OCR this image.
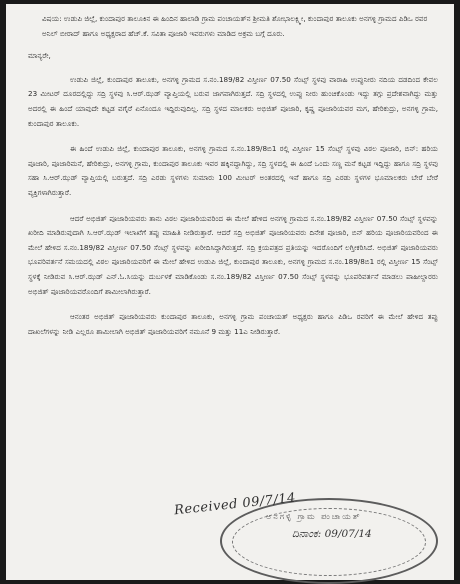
ವಿಷಯ: ಉಡುಪಿ ಜಿಲ್ಲೆ, ಕುಂದಾಪುರ ತಾಲೂಕಿನ ಈ ಹಿಂದಿನ ಹಾಲಾಡಿ ಗ್ರಾಮ ಪಂಚಾಯತ್‌ನ ಶ್ರೀಮತಿ ಶೋಭಾಲಕ್ಷ್ಮೀ, ಕುಂದಾಪುರ ತಾಲೂಕು ಅನಗಳ್ಳಿ ಗ್ರಾಮದ ಪಿಡಿಒ ರವರ ಅನಿಲ್ ಬೀರಾದ್ ಹಾಗೂ ಅಧ್ಯಕ್ಷರಾದ ಹೆಚ್.ಕೆ. ಸವಿತಾ ಪೂಜಾರಿ ಇವರುಗಳು ಮಾಡಿದ ಅಕ್ರಮ ಬಗ್ಗೆ ದೂರು.

ಮಾನ್ಯರೇ,

ಉಡುಪಿ ಜಿಲ್ಲೆ, ಕುಂದಾಪುರ ತಾಲೂಕು, ಅನಗಳ್ಳಿ ಗ್ರಾಮದ ಸ.ನಂ.189/82 ವಿಸ್ತೀರ್ಣ 07.50 ಸೆಂಟ್ಸ್ ಸ್ಥಳವು ವಾರಾಹಿ ಉಪ್ಪುನೀರು ನದಿಯ ದಡದಿಂದ ಕೇವಲ 23 ಮೀಟರ್ ದೂರದಲ್ಲಿದ್ದು ಸದ್ರಿ ಸ್ಥಳವು ಸಿ.ಆರ್.ಝಡ್ ವ್ಯಾಪ್ತಿಯಲ್ಲಿ ಬರುವ ಜಾಗವಾಗಿರುತ್ತದೆ. ಸದ್ರಿ ಸ್ಥಳದಲ್ಲಿ ಉಪ್ಪು ನೀರು ಹುಂಚಿಕೊಂಡು ಇದ್ದು ತಗ್ಗು ಪ್ರದೇಶವಾಗಿದ್ದು ಮತ್ತು ಅದರಲ್ಲಿ ಈ ಹಿಂದೆ ಯಾವುದೇ ಕಟ್ಟಡ ವಗೈರೆ ಏನೊಂದೂ ಇದ್ದಿರುವುದಿಲ್ಲ. ಸದ್ರಿ ಸ್ಥಳದ ಮಾಲಕರು ಅಭಿಜಿತ್ ಪೂಜಾರಿ, ಕೃಷ್ಣ ಪೂಜಾರಿಯವರ ಮಗ, ಹೇರಿಕುದ್ರು, ಅನಗಳ್ಳಿ ಗ್ರಾಮ, ಕುಂದಾಪುರ ತಾಲೂಕು.

ಈ ಹಿಂದೆ ಉಡುಪಿ ಜಿಲ್ಲೆ, ಕುಂದಾಪುರ ತಾಲೂಕು, ಅನಗಳ್ಳಿ ಗ್ರಾಮದ ಸ.ನಂ.189/8ಬಿ1 ರಲ್ಲಿ ವಿಸ್ತೀರ್ಣ 15 ಸೆಂಟ್ಸ್ ಸ್ಥಳವು ವಿಠಲ ಪೂಜಾರಿ, ಬಿನ್: ಹರಿಯ ಪೂಜಾರಿ, ಪೂಜಾರಿಮನೆ, ಹೇರಿಕುದ್ರು, ಅನಗಳ್ಳಿ ಗ್ರಾಮ, ಕುಂದಾಪುರ ತಾಲೂಕು ಇವರ ಹಕ್ಕಿನದ್ದಾಗಿದ್ದು, ಸದ್ರಿ ಸ್ಥಳದಲ್ಲಿ ಈ ಹಿಂದೆ ಒಂದು ಸಣ್ಣ ಮನೆ ಕಟ್ಟಡ ಇದ್ದಿದ್ದು ಹಾಗೂ ಸದ್ರಿ ಸ್ಥಳವು ಸಹಾ ಸಿ.ಆರ್.ಝಡ್ ವ್ಯಾಪ್ತಿಯಲ್ಲಿ ಬರುತ್ತದೆ. ಸದ್ರಿ ಎರಡು ಸ್ಥಳಗಳು ಸುಮಾರು 100 ಮೀಟರ್ ಅಂತರದಲ್ಲಿ ಇವೆ ಹಾಗೂ ಸದ್ರಿ ಎರಡು ಸ್ಥಳಗಳ ಭೂಮಾಲಕರು ಬೇರೆ ಬೇರೆ ವ್ಯಕ್ತಿಗಳಾಗಿರುತ್ತಾರೆ.

ಆದರೆ ಅಭಿಜಿತ್ ಪೂಜಾರಿಯವರು ತಾನು ವಿಠಲ ಪೂಜಾರಿಯವರಿಂದ ಈ ಮೇಲೆ ಹೇಳಿದ ಅನಗಳ್ಳಿ ಗ್ರಾಮದ ಸ.ನಂ.189/82 ವಿಸ್ತೀರ್ಣ 07.50 ಸೆಂಟ್ಸ್ ಸ್ಥಳವನ್ನು ಖರೀದಿ ಮಾಡಿರುವುದಾಗಿ ಸಿ.ಆರ್.ಝಡ್ ಇಲಾಖೆಗೆ ತಪ್ಪು ಮಾಹಿತಿ ನೀಡಿರುತ್ತಾರೆ. ಆದರೆ ಸದ್ರಿ ಅಭಿಜಿತ್ ಪೂಜಾರಿಯವರು ದಿನೇಶ ಪೂಜಾರಿ, ಬಿನ್ ಹರಿಯ ಪೂಜಾರಿಯವರಿಂದ ಈ ಮೇಲೆ ಹೇಳಿದ ಸ.ನಂ.189/82 ವಿಸ್ತೀರ್ಣ 07.50 ಸೆಂಟ್ಸ್ ಸ್ಥಳವನ್ನು ಖರೀದಿಸಿದ್ದಾಗಿರುತ್ತದೆ. ಸದ್ರಿ ಕ್ರಯಪತ್ರದ ಪ್ರತಿಯನ್ನು ಇದರೊಂದಿಗೆ ಲಗ್ತೀಕರಿಸಿದೆ. ಅಭಿಜಿತ್ ಪೂಜಾರಿಯವರು ಭೂಪರಿವರ್ತನೆ ಸಮಯದಲ್ಲಿ ವಿಠಲ ಪೂಜಾರಿಯವರಿಗೆ ಈ ಮೇಲೆ ಹೇಳಿದ ಉಡುಪಿ ಜಿಲ್ಲೆ, ಕುಂದಾಪುರ ತಾಲೂಕು, ಅನಗಳ್ಳಿ ಗ್ರಾಮದ ಸ.ನಂ.189/8ಬಿ1 ರಲ್ಲಿ ವಿಸ್ತೀರ್ಣ 15 ಸೆಂಟ್ಸ್ ಸ್ಥಳಕ್ಕೆ ನೀಡಿರುವ ಸಿ.ಆರ್.ಝಡ್ ಎನ್.ಓ.ಸಿಯನ್ನು ದುರ್ಬಳಕೆ ಮಾಡಿಕೊಂಡು ಸ.ನಂ.189/82 ವಿಸ್ತೀರ್ಣ 07.50 ಸೆಂಟ್ಸ್ ಸ್ಥಳವನ್ನು ಭೂಪರಿವರ್ತನೆ ಮಾಡಲು ಪಾಹೀಲ್ದಾರರು ಅಭಿಜಿತ್ ಪೂಜಾರಿಯವರೊಂದಿಗೆ ಶಾಮೀಲಾಗಿರುತ್ತಾರೆ.

ಆನಂತರ ಅಭಿಜಿತ್ ಪೂಜಾರಿಯವರು ಕುಂದಾಪುರ ತಾಲೂಕು, ಅನಗಳ್ಳಿ ಗ್ರಾಮ ಪಂಚಾಯತ್ ಅಧ್ಯಕ್ಷರು ಹಾಗೂ ಪಿಡಿಒ ರವರಿಗೆ ಈ ಮೇಲೆ ಹೇಳಿದ ತಪ್ಪು ದಾಖಲೆಗಳನ್ನು ನೀಡಿ ಎಲ್ಲರೂ ಶಾಮೀಲಾಗಿ ಅಭಿಜಿತ್ ಪೂಜಾರಿಯವರಿಗೆ ನಮೂನೆ 9 ಮತ್ತು 11ಎ ನೀಡಿರುತ್ತಾರೆ.

ಅನಗಳ್ಳಿ ಗ್ರಾಮ ಪಂಚಾಯತ್
ದಿನಾಂಕ: 09/07/14
Received 09/7/14
